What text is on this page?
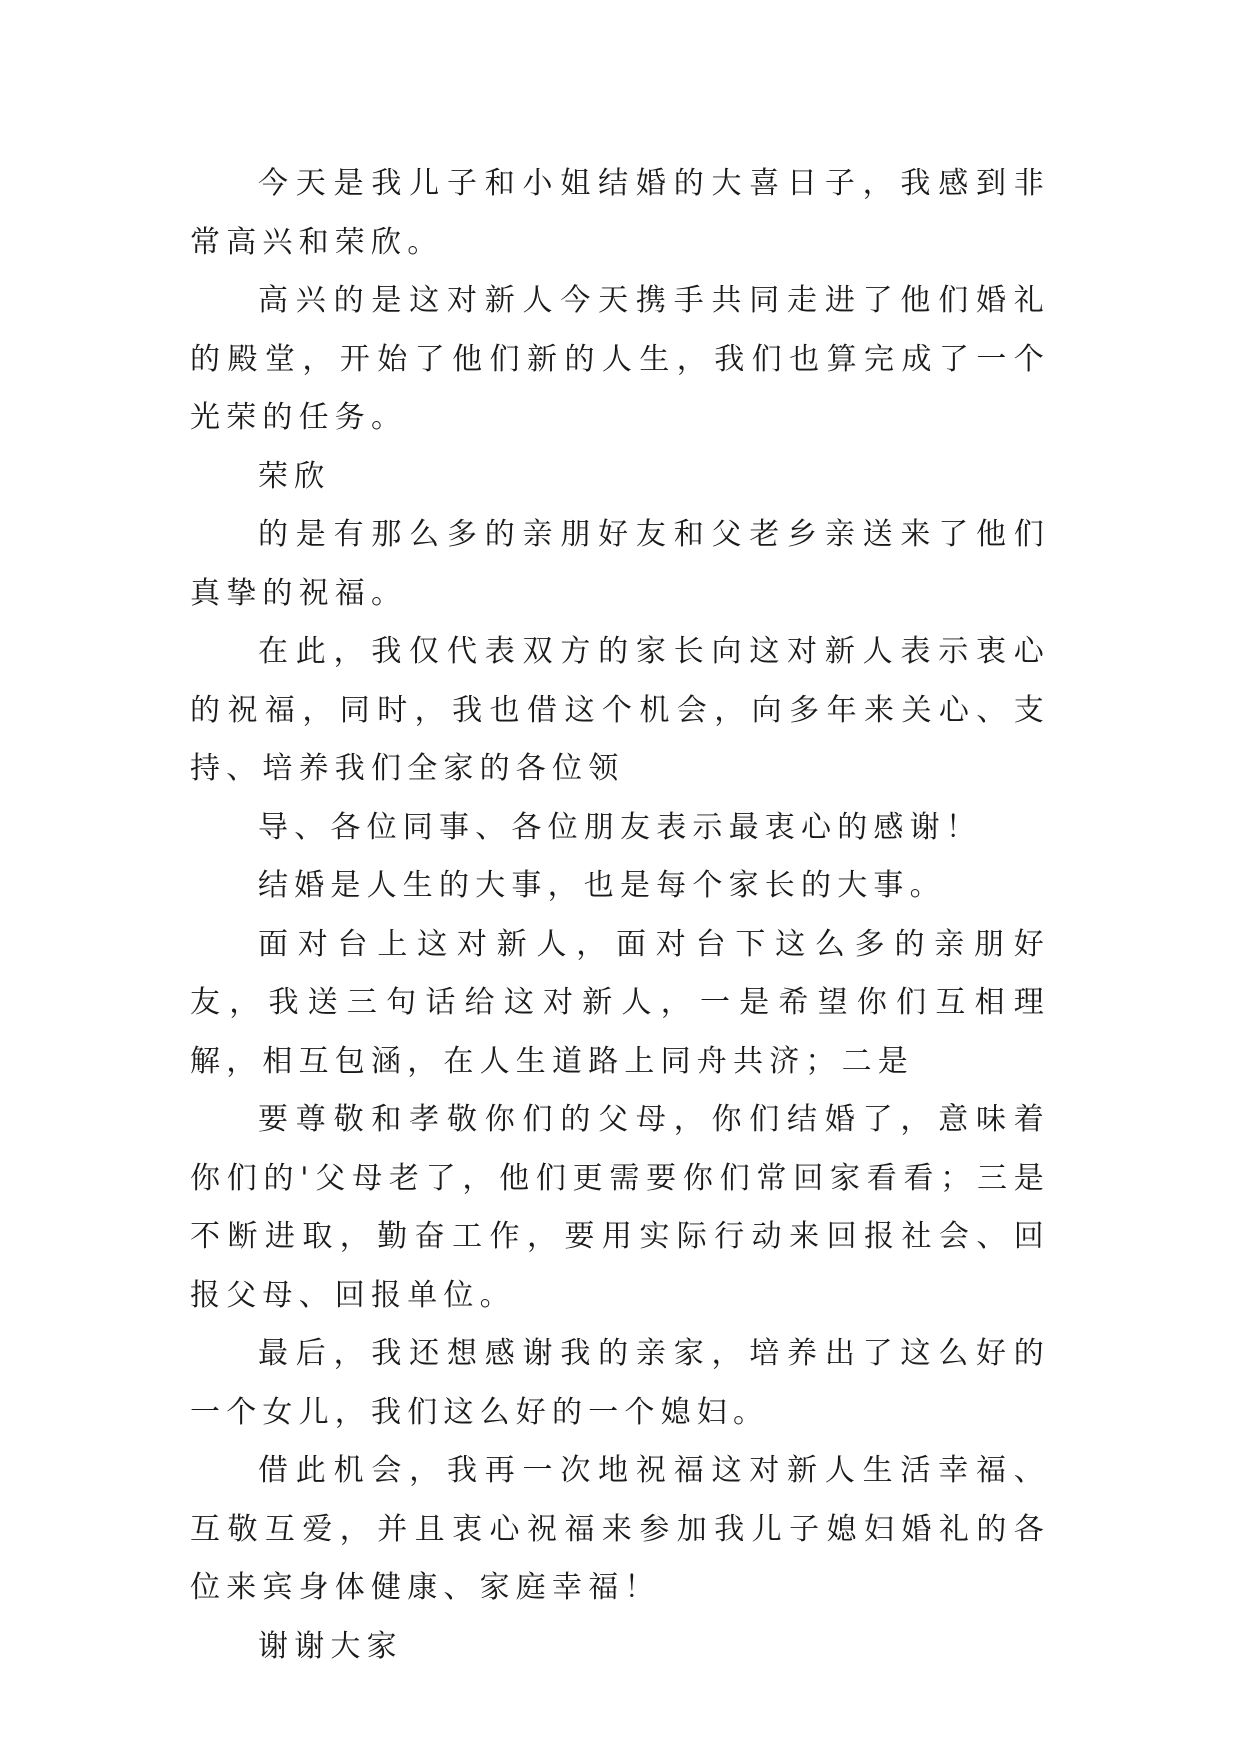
今天是我儿子和小姐结婚的大喜日子，我感到非常高兴和荣欣。

高兴的是这对新人今天携手共同走进了他们婚礼的殿堂，开始了他们新的人生，我们也算完成了一个光荣的任务。

荣欣

的是有那么多的亲朋好友和父老乡亲送来了他们真挚的祝福。

在此，我仅代表双方的家长向这对新人表示衷心的祝福，同时，我也借这个机会，向多年来关心、支持、培养我们全家的各位领

导、各位同事、各位朋友表示最衷心的感谢！

结婚是人生的大事，也是每个家长的大事。

面对台上这对新人，面对台下这么多的亲朋好友，我送三句话给这对新人，一是希望你们互相理解，相互包涵，在人生道路上同舟共济；二是

要尊敬和孝敬你们的父母，你们结婚了，意味着你们的'父母老了，他们更需要你们常回家看看；三是不断进取，勤奋工作，要用实际行动来回报社会、回报父母、回报单位。

最后，我还想感谢我的亲家，培养出了这么好的一个女儿，我们这么好的一个媳妇。

借此机会，我再一次地祝福这对新人生活幸福、互敬互爱，并且衷心祝福来参加我儿子媳妇婚礼的各位来宾身体健康、家庭幸福！

谢谢大家
